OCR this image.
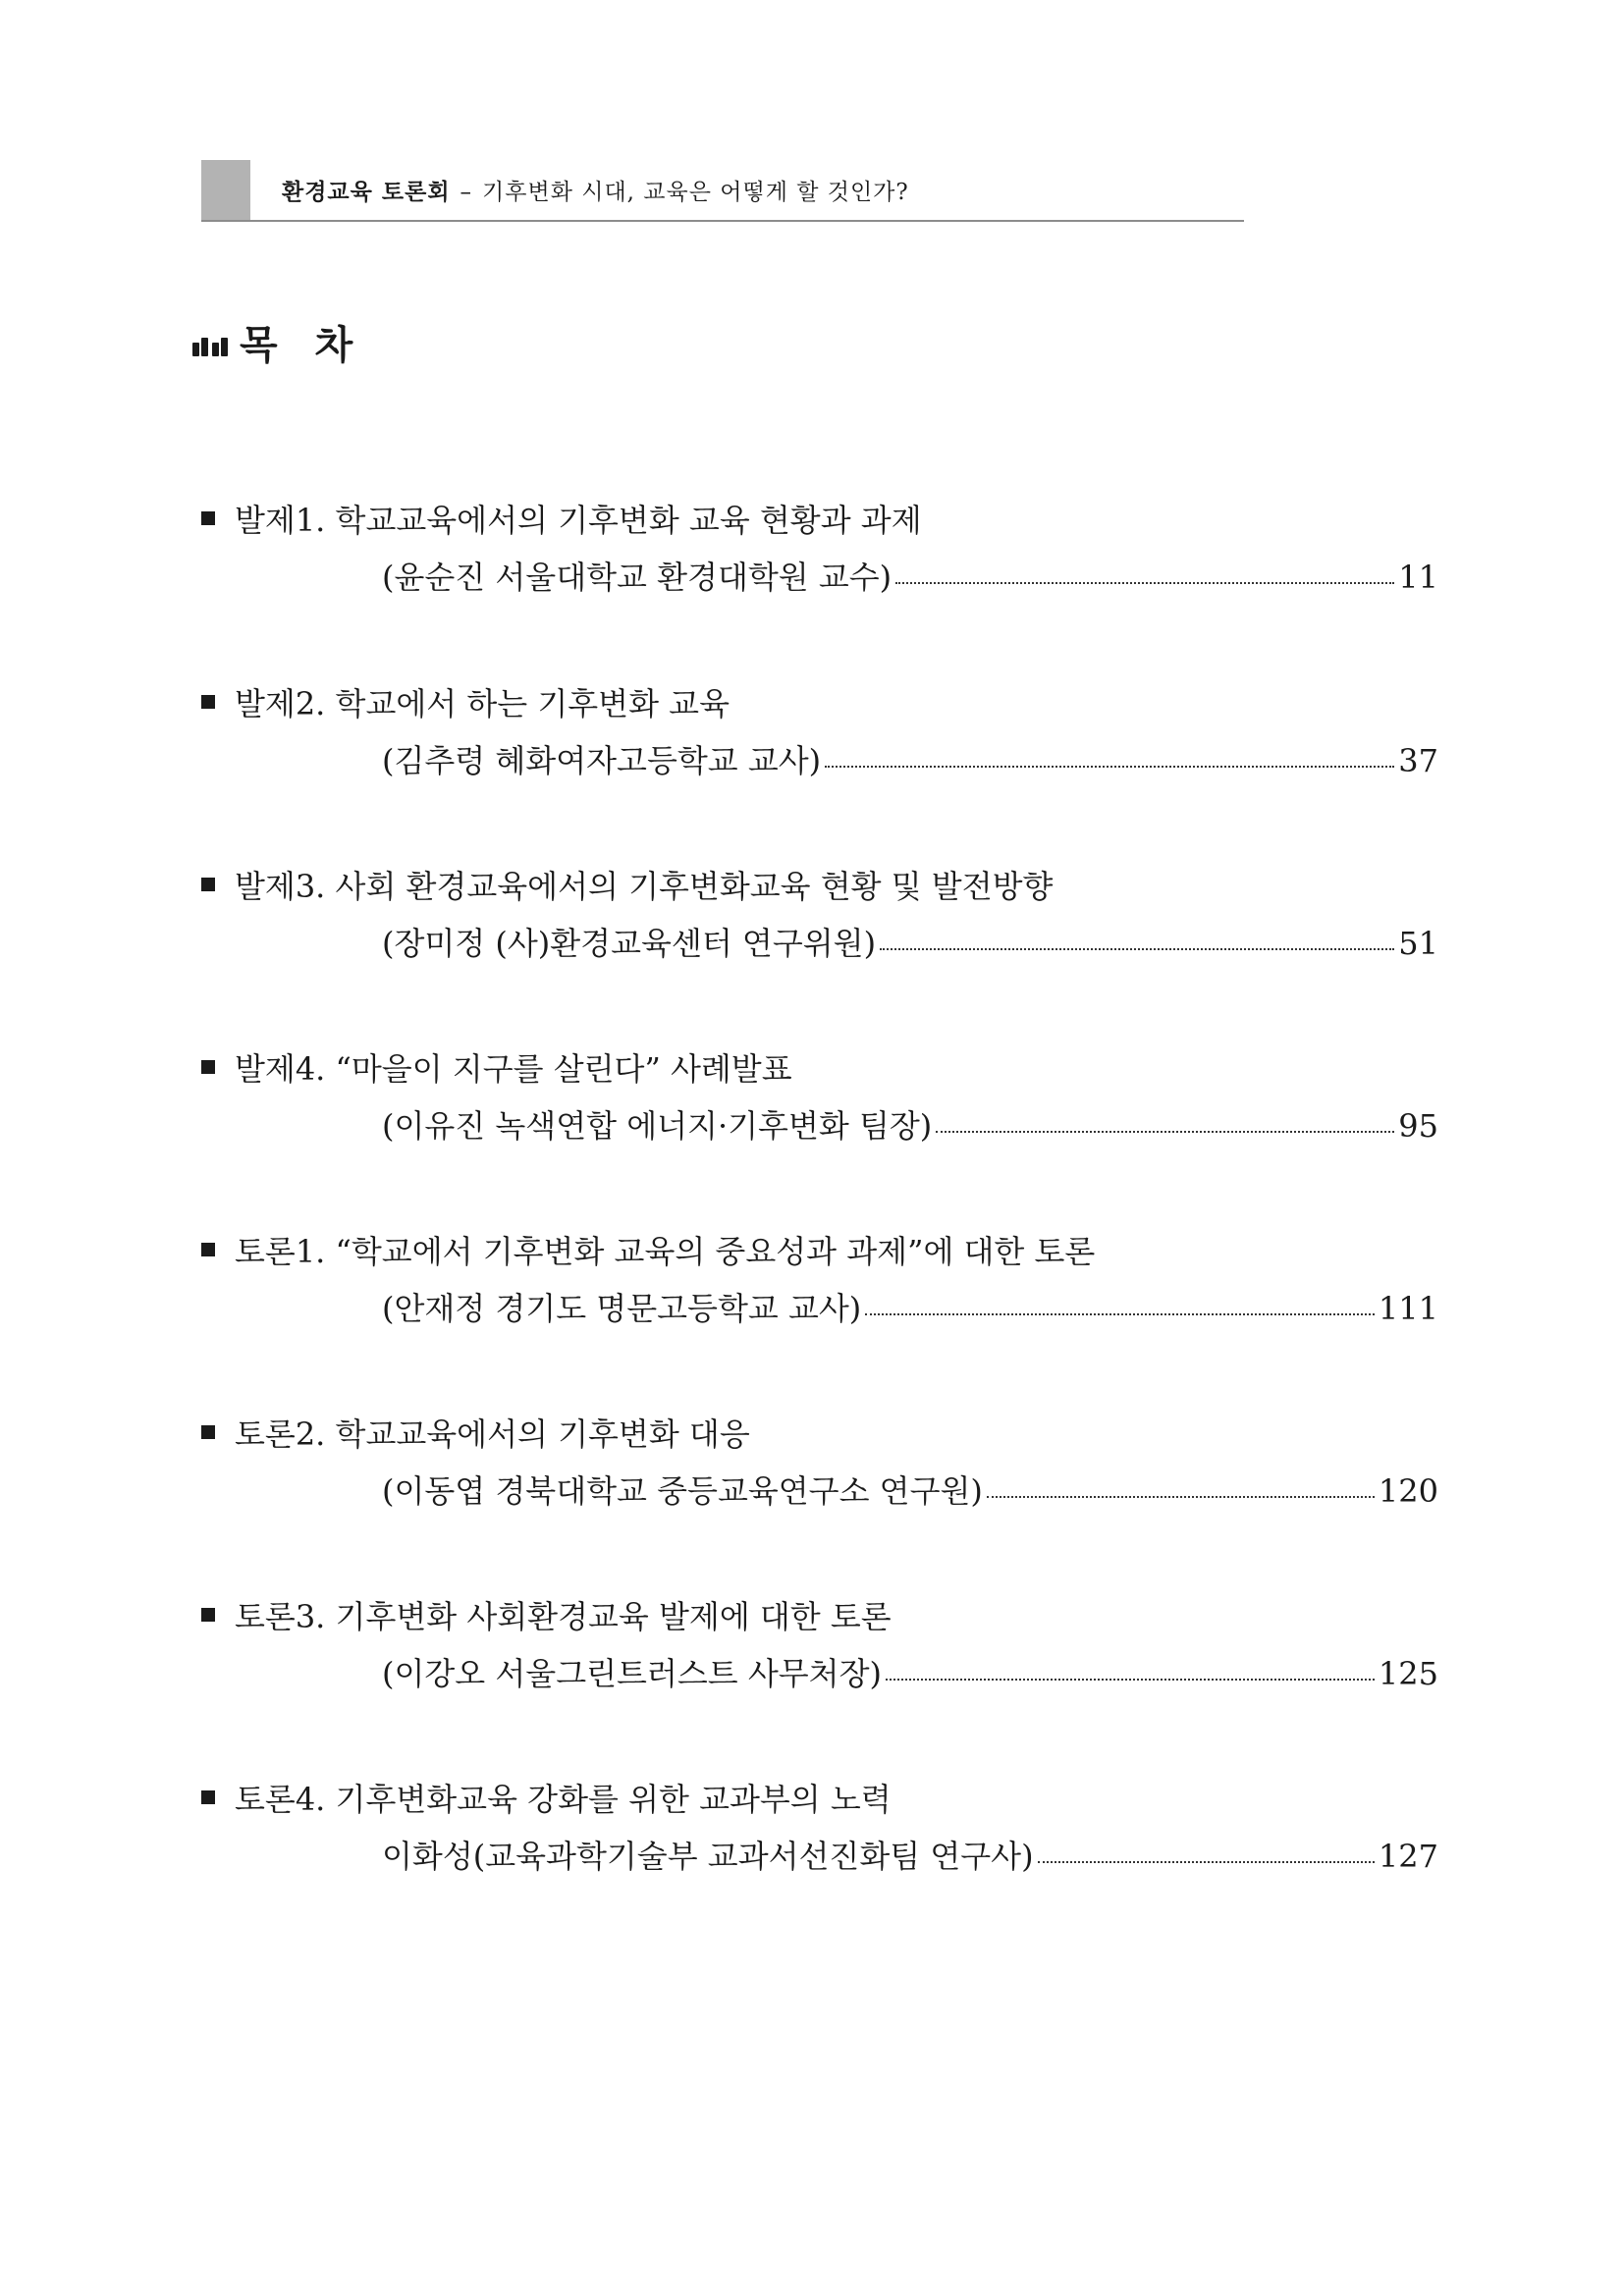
환경교육 토론회 – 기후변화 시대, 교육은 어떻게 할 것인가?
목 차
발제1. 학교교육에서의 기후변화 교육 현황과 과제
(윤순진 서울대학교 환경대학원 교수)	11
발제2. 학교에서 하는 기후변화 교육
(김추령 혜화여자고등학교 교사)	37
발제3. 사회 환경교육에서의 기후변화교육 현황 및 발전방향
(장미정 (사)환경교육센터 연구위원)	51
발제4. “마을이 지구를 살린다” 사례발표
(이유진 녹색연합 에너지·기후변화 팀장)	95
토론1. “학교에서 기후변화 교육의 중요성과 과제”에 대한 토론
(안재정 경기도 명문고등학교 교사)	111
토론2. 학교교육에서의 기후변화 대응
(이동엽 경북대학교 중등교육연구소 연구원)	120
토론3. 기후변화 사회환경교육 발제에 대한 토론
(이강오 서울그린트러스트 사무처장)	125
토론4. 기후변화교육 강화를 위한 교과부의 노력
이화성(교육과학기술부 교과서선진화팀 연구사)	127
